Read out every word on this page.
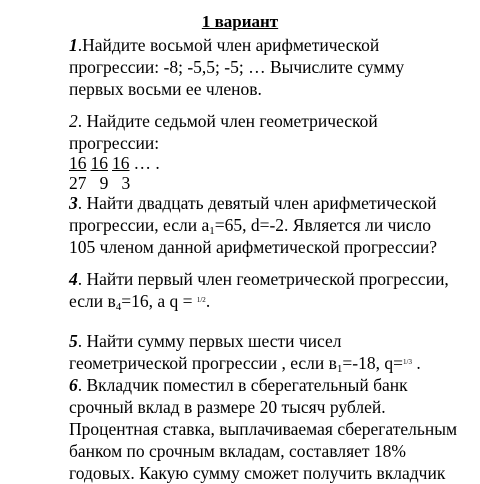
1 вариант
1.Найдите восьмой член арифметической
прогрессии: -8; -5,5; -5; … Вычислите сумму
первых восьми ее членов.
2. Найдите седьмой член геометрической
прогрессии:
16 16 16 … .
27   9   3
3. Найти двадцать девятый член арифметической
прогрессии, если $a_1=65$, d=-2. Является ли число
105 членом данной арифметической прогрессии?
4. Найти первый член геометрической прогрессии,
если $в_4=16$, а q = $^{1/2}$.
5. Найти сумму первых шести чисел
геометрической прогрессии , если $в_1=-18$, q=$^{1/3}$ .
6. Вкладчик поместил в сберегательный банк
срочный вклад в размере 20 тысяч рублей.
Процентная ставка, выплачиваемая сберегательным
банком по срочным вкладам, составляет 18%
годовых. Какую сумму сможет получить вкладчик
